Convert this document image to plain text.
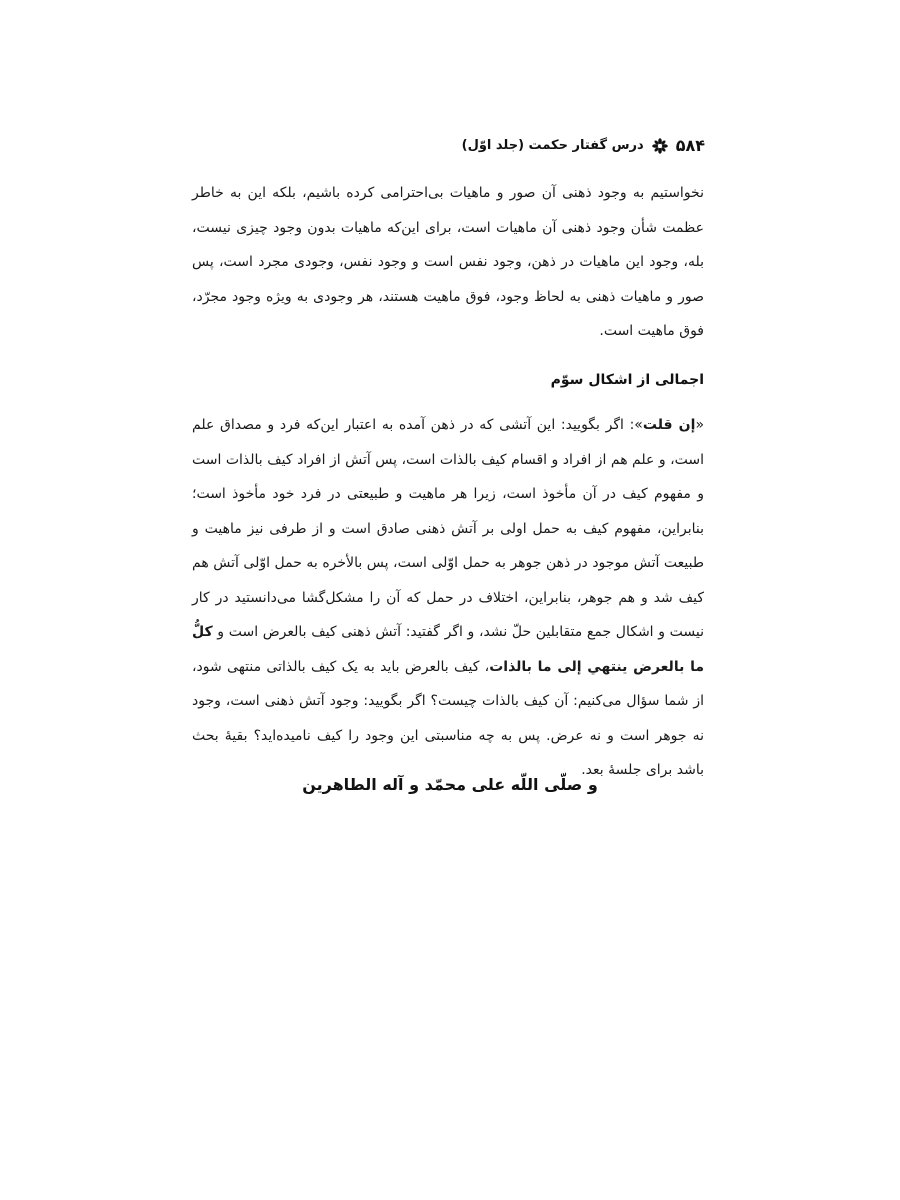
۵۸۴
درس گفتار حکمت (جلد اوّل)

نخواستیم به وجود ذهنی آن صور و ماهیات بی‌احترامی کرده باشیم، بلکه این به خاطر عظمت شأن وجود ذهنی آن ماهیات است، برای این‌که ماهیات بدون وجود چیزی نیست، بله، وجود این ماهیات در ذهن، وجود نفس است و وجود نفس، وجودی مجرد است، پس صور و ماهیات ذهنی به لحاظ وجود، فوق ماهیت هستند، هر وجودی به ویژه وجود مجرّد، فوق ماهیت است.

اجمالی از اشکال سوّم

«إن قلت»: اگر بگویید: این آتشی که در ذهن آمده به اعتبار این‌که فرد و مصداق علم است، و علم هم از افراد و اقسام کیف بالذات است، پس آتش از افراد کیف بالذات است و مفهوم کیف در آن مأخوذ است، زیرا هر ماهیت و طبیعتی در فرد خود مأخوذ است؛ بنابراین، مفهوم کیف به حمل اولی بر آتش ذهنی صادق است و از طرفی نیز ماهیت و طبیعت آتش موجود در ذهن جوهر به حمل اوّلی است، پس بالأخره به حمل اوّلی آتش هم کیف شد و هم جوهر، بنابراین، اختلاف در حمل که آن را مشکل‌گشا می‌دانستید در کار نیست و اشکال جمع متقابلین حلّ نشد، و اگر گفتید: آتش ذهنی کیف بالعرض است و کلُّ ما بالعرض ینتهي إلی ما بالذات، کیف بالعرض باید به یک کیف بالذاتی منتهی شود، از شما سؤال می‌کنیم: آن کیف بالذات چیست؟ اگر بگویید: وجود آتش ذهنی است، وجود نه جوهر است و نه عرض. پس به چه مناسبتی این وجود را کیف نامیده‌اید؟ بقیهٔ بحث باشد برای جلسهٔ بعد.

و صلّی اللّه علی محمّد و آله الطاهرین
